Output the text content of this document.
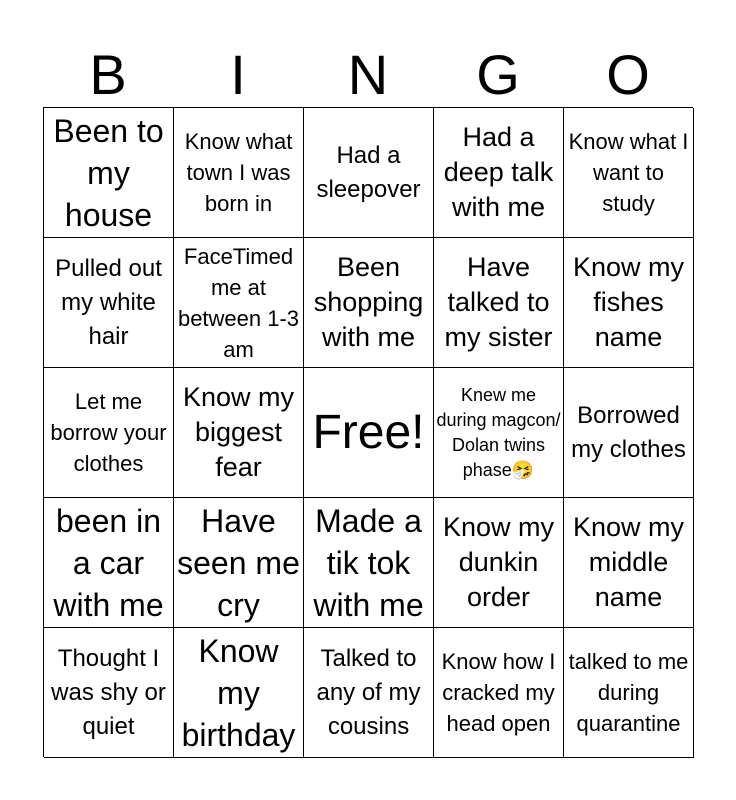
B	I	N	G	O
Been to my house
Know what town I was born in
Had a sleepover
Had a deep talk with me
Know what I want to study
Pulled out my white hair
FaceTimed me at between 1-3 am
Been shopping with me
Have talked to my sister
Know my fishes name
Let me borrow your clothes
Know my biggest fear
Free!
Knew me during magcon/ Dolan twins phase🤧
Borrowed my clothes
been in a car with me
Have seen me cry
Made a tik tok with me
Know my dunkin order
Know my middle name
Thought I was shy or quiet
Know my birthday
Talked to any of my cousins
Know how I cracked my head open
talked to me during quarantine
